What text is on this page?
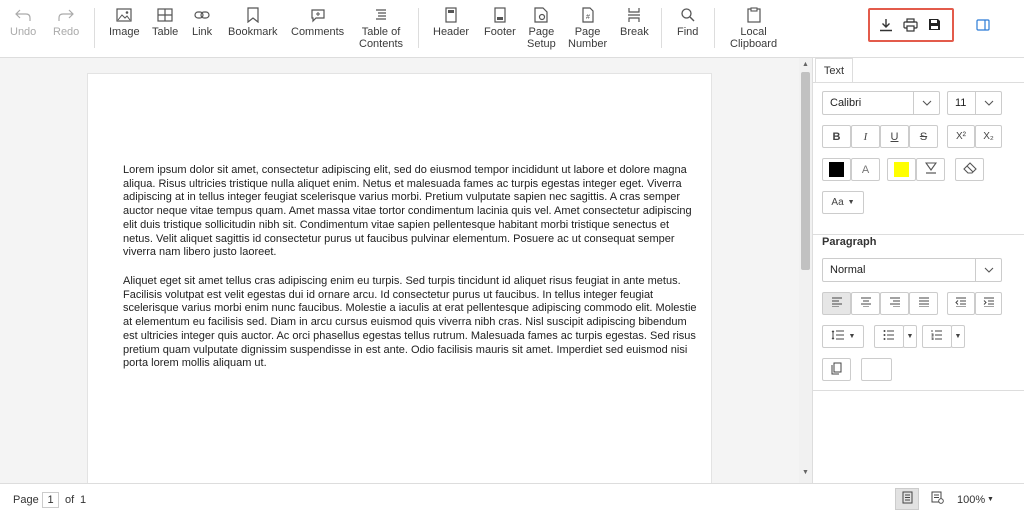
Undo Redo	Image Table Link Bookmark Comments Table of
Contents
Header Footer Page
Setup
#
Page
Number
Break	Find	Local
Clipboard

Lorem ipsum dolor sit amet, consectetur adipiscing elit, sed do eiusmod tempor incididunt ut labore et dolore magna aliqua. Risus ultricies tristique nulla aliquet enim. Netus et malesuada fames ac turpis egestas integer eget. Viverra adipiscing at in tellus integer feugiat scelerisque varius morbi. Pretium vulputate sapien nec sagittis. A cras semper auctor neque vitae tempus quam. Amet massa vitae tortor condimentum lacinia quis vel. Amet consectetur adipiscing elit duis tristique sollicitudin nibh sit. Condimentum vitae sapien pellentesque habitant morbi tristique senectus et netus. Velit aliquet sagittis id consectetur purus ut faucibus pulvinar elementum. Posuere ac ut consequat semper viverra nam libero justo laoreet.

Aliquet eget sit amet tellus cras adipiscing enim eu turpis. Sed turpis tincidunt id aliquet risus feugiat in ante metus. Facilisis volutpat est velit egestas dui id ornare arcu. Id consectetur purus ut faucibus. In tellus integer feugiat scelerisque varius morbi enim nunc faucibus. Molestie a iaculis at erat pellentesque adipiscing commodo elit. Molestie at elementum eu facilisis sed. Diam in arcu cursus euismod quis viverra nibh cras. Nisl suscipit adipiscing bibendum est ultricies integer quis auctor. Ac orci phasellus egestas tellus rutrum. Malesuada fames ac turpis egestas. Sed risus pretium quam vulputate dignissim suspendisse in est ante. Odio facilisis mauris sit amet. Imperdiet sed euismod nisi porta lorem mollis aliquam ut.

▲
▼
Text
Calibri	11
B	I	U	S	X²	X₂
A
Aa ▼
Paragraph
Normal
▼	▼	▼
Page 1	of 1	100% ▼
